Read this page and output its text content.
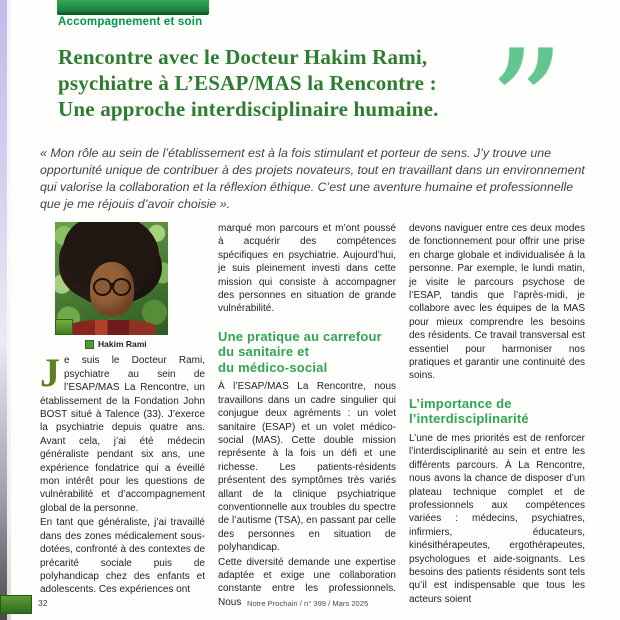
Accompagnement et soin
Rencontre avec le Docteur Hakim Rami,
psychiatre à L’ESAP/MAS la Rencontre :
Une approche interdisciplinaire humaine. ”
« Mon rôle au sein de l’établissement est à la fois stimulant et porteur de sens. J’y trouve une opportunité unique de contribuer à des projets novateurs, tout en travaillant dans un environnement qui valorise la collaboration et la réflexion éthique. C’est une aventure humaine et professionnelle que je me réjouis d’avoir choisie ».
Hakim Rami

Je suis le Docteur Rami, psychiatre au sein de l’ESAP/MAS La Rencontre, un établissement de la Fondation John BOST situé à Talence (33). J’exerce la psychiatrie depuis quatre ans. Avant cela, j’ai été médecin généraliste pendant six ans, une expérience fondatrice qui a éveillé mon intérêt pour les questions de vulnérabilité et d’accompagnement global de la personne.

En tant que généraliste, j’ai travaillé dans des zones médicalement sous-dotées, confronté à des contextes de précarité sociale puis de polyhandicap chez des enfants et adolescents. Ces expériences ont

marqué mon parcours et m’ont poussé à acquérir des compétences spécifiques en psychiatrie. Aujourd’hui, je suis pleinement investi dans cette mission qui consiste à accompagner des personnes en situation de grande vulnérabilité.

Une pratique au carrefour
du sanitaire et
du médico-social

À l’ESAP/MAS La Rencontre, nous travaillons dans un cadre singulier qui conjugue deux agréments : un volet sanitaire (ESAP) et un volet médico-social (MAS). Cette double mission représente à la fois un défi et une richesse. Les patients-résidents présentent des symptômes très variés allant de la clinique psychiatrique conventionnelle aux troubles du spectre de l’autisme (TSA), en passant par celle des personnes en situation de polyhandicap.

Cette diversité demande une expertise adaptée et exige une collaboration constante entre les professionnels. Nous

devons naviguer entre ces deux modes de fonctionnement pour offrir une prise en charge globale et individualisée à la personne. Par exemple, le lundi matin, je visite le parcours psychose de l’ESAP, tandis que l’après-midi, je collabore avec les équipes de la MAS pour mieux comprendre les besoins des résidents. Ce travail transversal est essentiel pour harmoniser nos pratiques et garantir une continuité des soins.

L’importance de
l’interdisciplinarité

L’une de mes priorités est de renforcer l’interdisciplinarité au sein et entre les différents parcours. À La Rencontre, nous avons la chance de disposer d’un plateau technique complet et de professionnels aux compétences variées : médecins, psychiatres, infirmiers, éducateurs, kinésithérapeutes, ergothérapeutes, psychologues et aide-soignants. Les besoins des patients résidents sont tels qu’il est indispensable que tous les acteurs soient

32	Notre Prochain / n° 399 / Mars 2025
